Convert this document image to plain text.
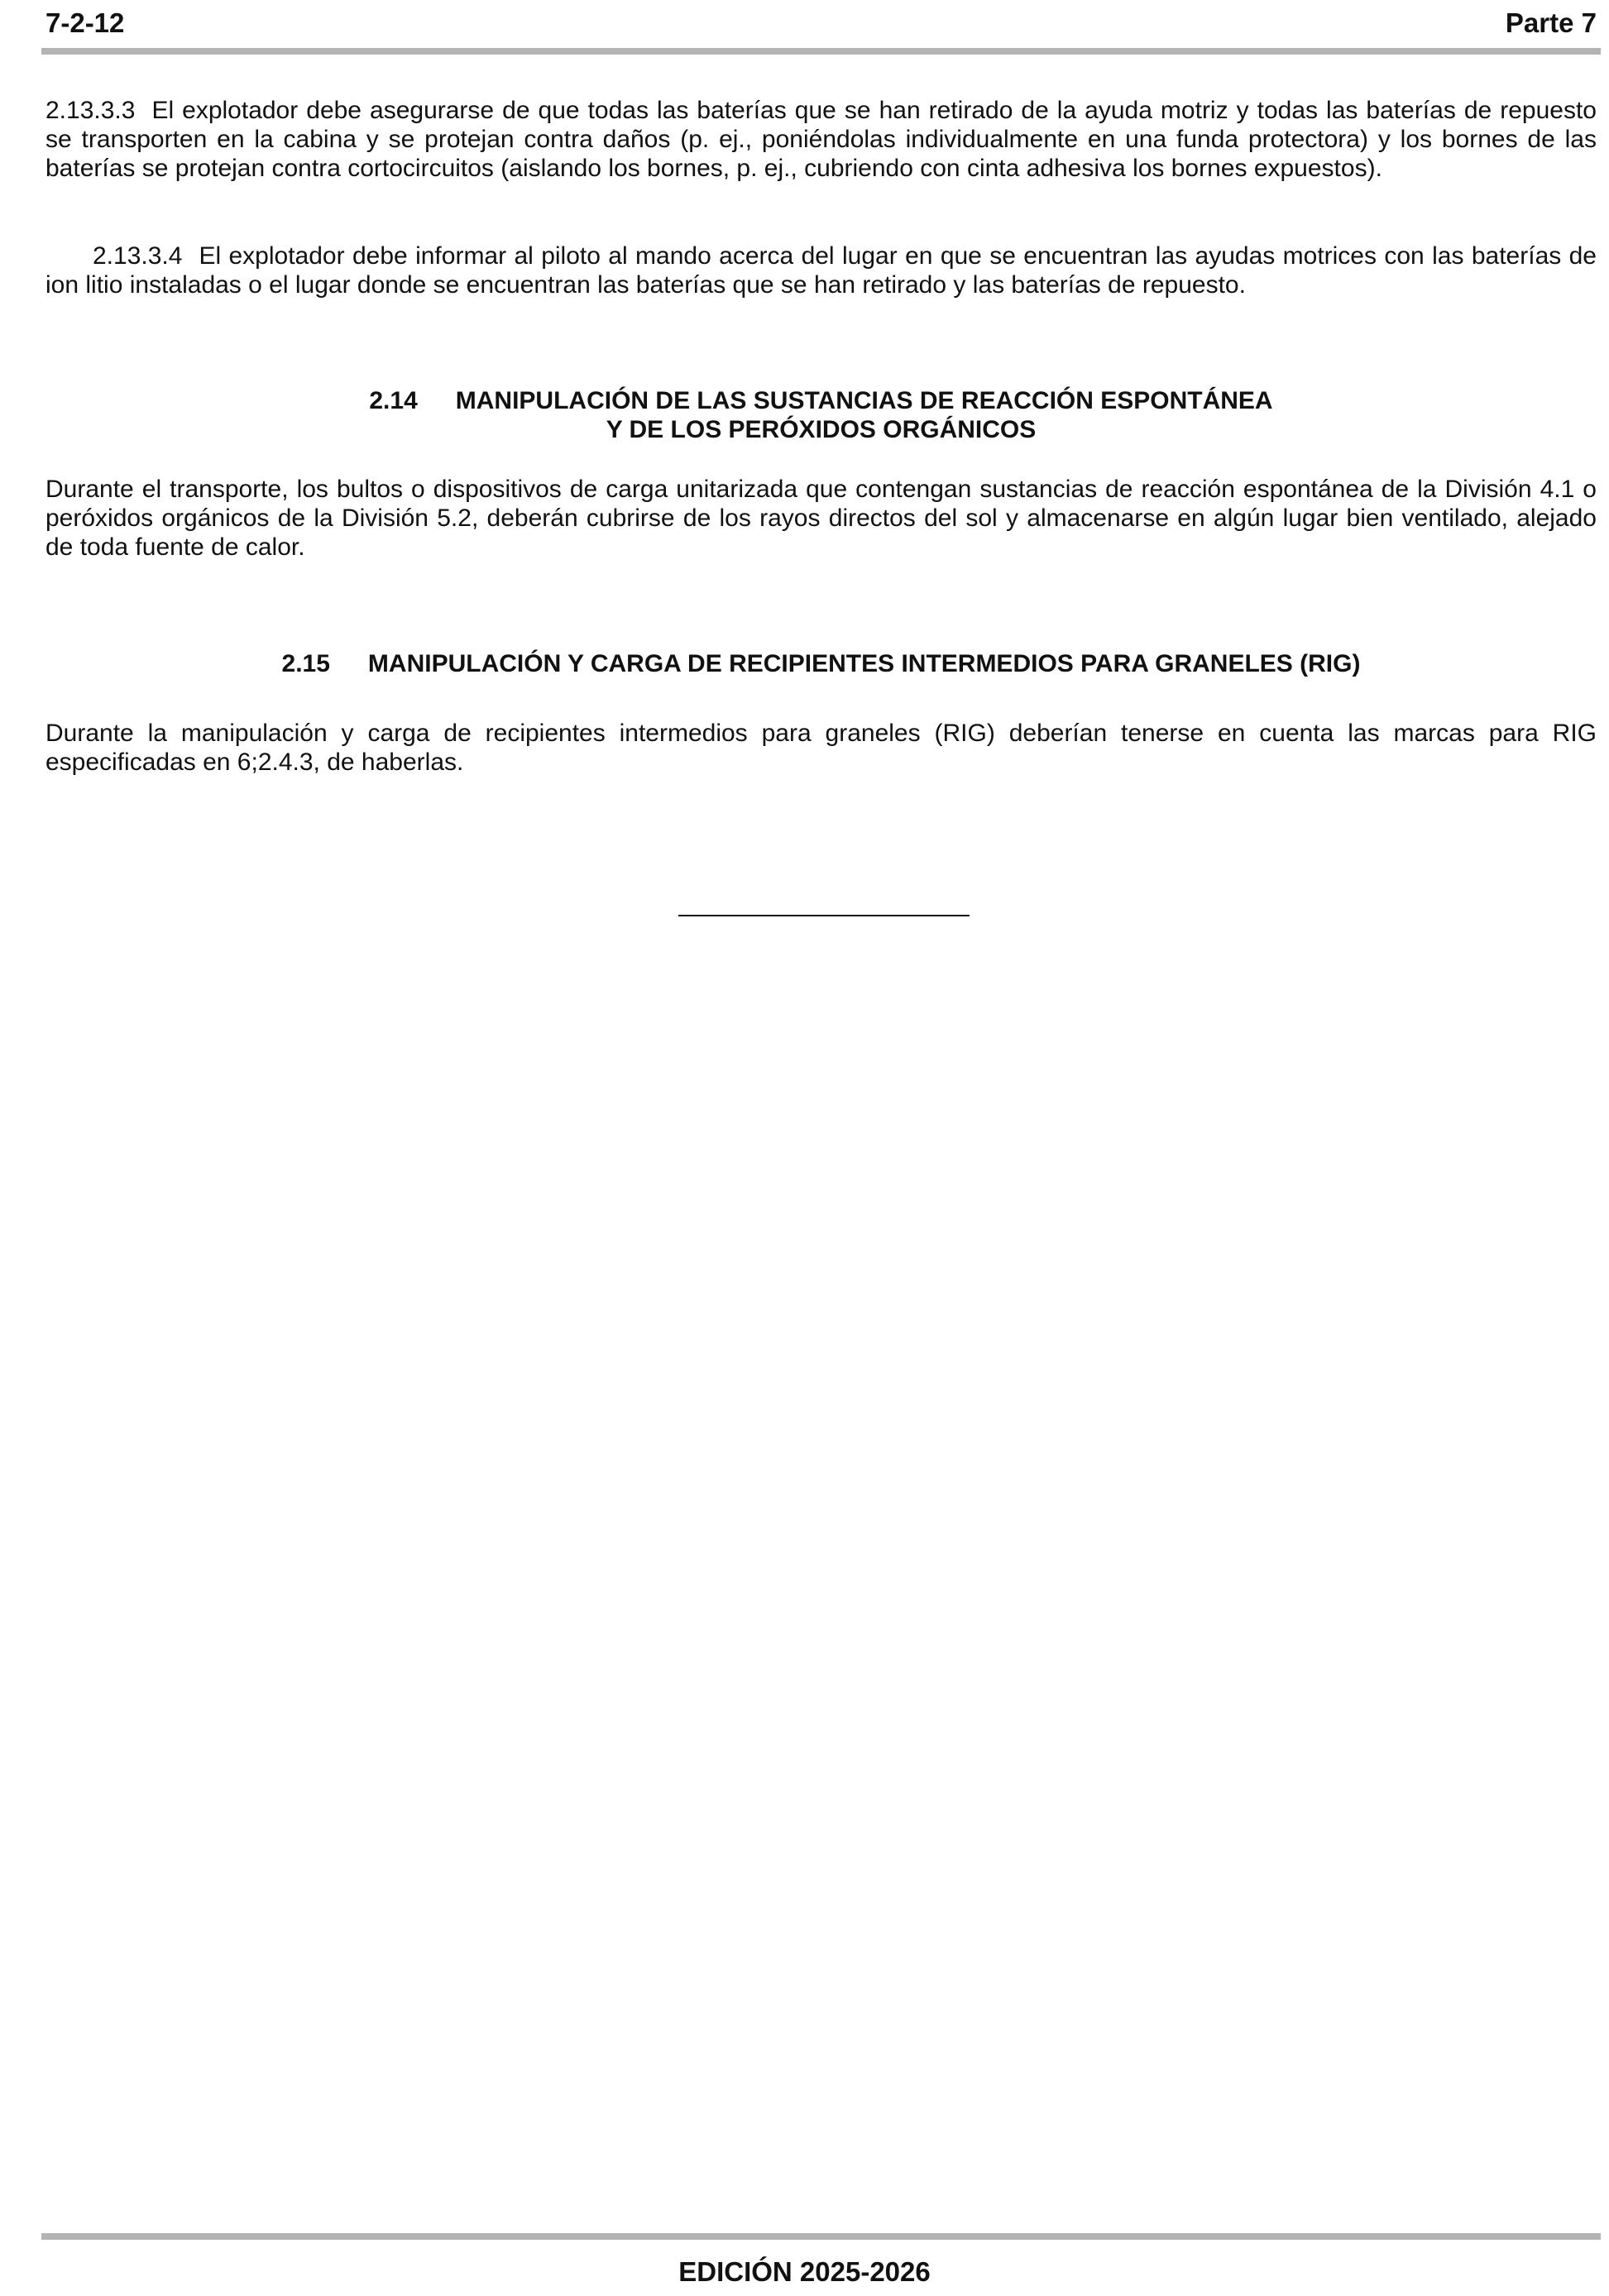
7-2-12	Parte 7

2.13.3.3 El explotador debe asegurarse de que todas las baterías que se han retirado de la ayuda motriz y todas las baterías de repuesto se transporten en la cabina y se protejan contra daños (p. ej., poniéndolas individualmente en una funda protectora) y los bornes de las baterías se protejan contra cortocircuitos (aislando los bornes, p. ej., cubriendo con cinta adhesiva los bornes expuestos).

2.13.3.4 El explotador debe informar al piloto al mando acerca del lugar en que se encuentran las ayudas motrices con las baterías de ion litio instaladas o el lugar donde se encuentran las baterías que se han retirado y las baterías de repuesto.

2.14 MANIPULACIÓN DE LAS SUSTANCIAS DE REACCIÓN ESPONTÁNEA
Y DE LOS PERÓXIDOS ORGÁNICOS

Durante el transporte, los bultos o dispositivos de carga unitarizada que contengan sustancias de reacción espontánea de la División 4.1 o peróxidos orgánicos de la División 5.2, deberán cubrirse de los rayos directos del sol y almacenarse en algún lugar bien ventilado, alejado de toda fuente de calor.

2.15 MANIPULACIÓN Y CARGA DE RECIPIENTES INTERMEDIOS PARA GRANELES (RIG)

Durante la manipulación y carga de recipientes intermedios para graneles (RIG) deberían tenerse en cuenta las marcas para RIG especificadas en 6;2.4.3, de haberlas.

EDICIÓN 2025-2026
